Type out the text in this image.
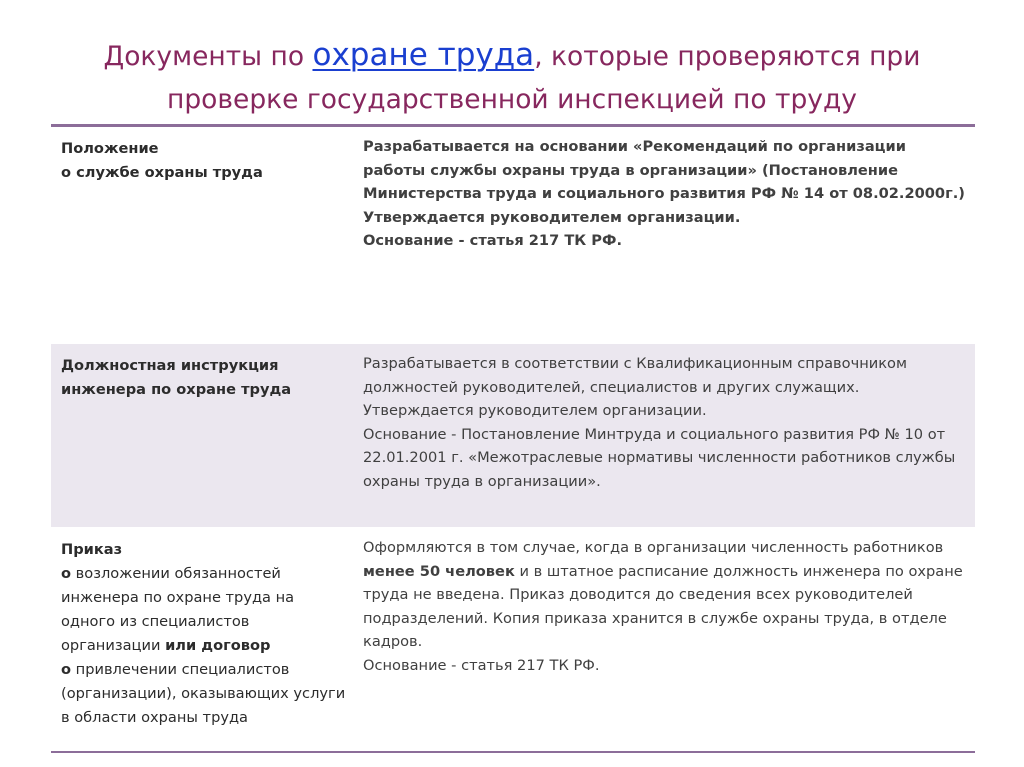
Документы по охране труда, которые проверяются при проверке государственной инспекцией по труду
Положение
о службе охраны труда
Разрабатывается на основании «Рекомендаций по организации работы службы охраны труда в организации» (Постановление Министерства труда и социального развития РФ № 14 от 08.02.2000г.) Утверждается руководителем организации.
Основание - статья 217 ТК РФ.
Должностная инструкция инженера по охране труда
Разрабатывается в соответствии с Квалификационным справочником должностей руководителей, специалистов и других служащих.
Утверждается руководителем организации.
Основание - Постановление Минтруда и социального развития РФ № 10 от 22.01.2001 г. «Межотраслевые нормативы численности работников службы охраны труда в организации».
Приказ
о возложении обязанностей инженера по охране труда на одного из специалистов организации или договор
о привлечении специалистов (организации), оказывающих услуги в области охраны труда
Оформляются в том случае, когда в организации численность работников менее 50 человек и в штатное расписание должность инженера по охране труда не введена. Приказ доводится до сведения всех руководителей подразделений. Копия приказа хранится в службе охраны труда, в отделе кадров.
Основание - статья 217 ТК РФ.
